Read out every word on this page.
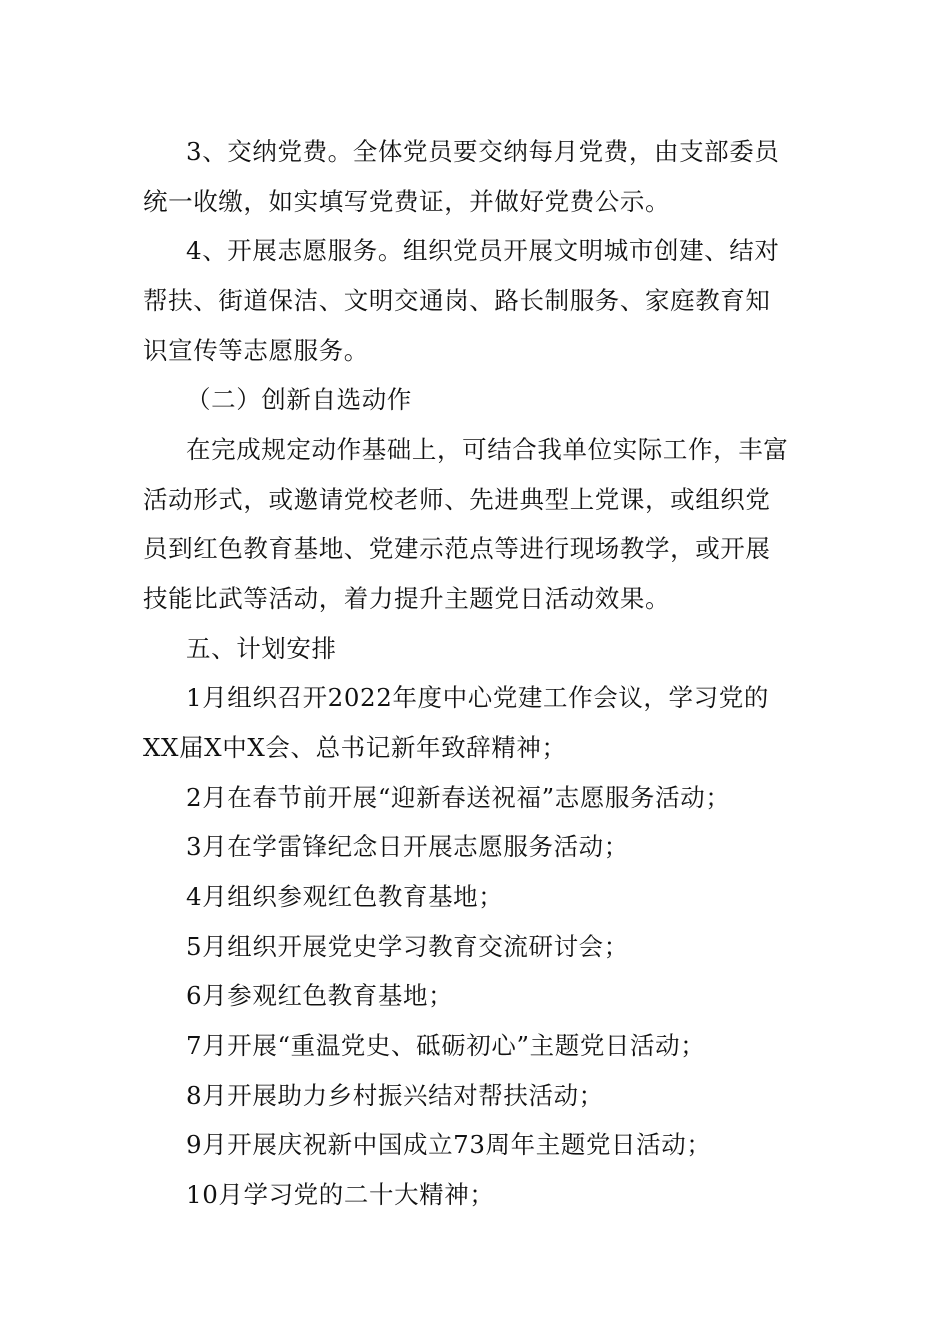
3、交纳党费。全体党员要交纳每月党费，由支部委员
统一收缴，如实填写党费证，并做好党费公示。
4、开展志愿服务。组织党员开展文明城市创建、结对
帮扶、街道保洁、文明交通岗、路长制服务、家庭教育知
识宣传等志愿服务。
（二）创新自选动作
在完成规定动作基础上，可结合我单位实际工作，丰富
活动形式，或邀请党校老师、先进典型上党课，或组织党
员到红色教育基地、党建示范点等进行现场教学，或开展
技能比武等活动，着力提升主题党日活动效果。
五、计划安排
1月组织召开2022年度中心党建工作会议，学习党的
XX届X中X会、总书记新年致辞精神；
2月在春节前开展“迎新春送祝福”志愿服务活动；
3月在学雷锋纪念日开展志愿服务活动；
4月组织参观红色教育基地；
5月组织开展党史学习教育交流研讨会；
6月参观红色教育基地；
7月开展“重温党史、砥砺初心”主题党日活动；
8月开展助力乡村振兴结对帮扶活动；
9月开展庆祝新中国成立73周年主题党日活动；
10月学习党的二十大精神；
